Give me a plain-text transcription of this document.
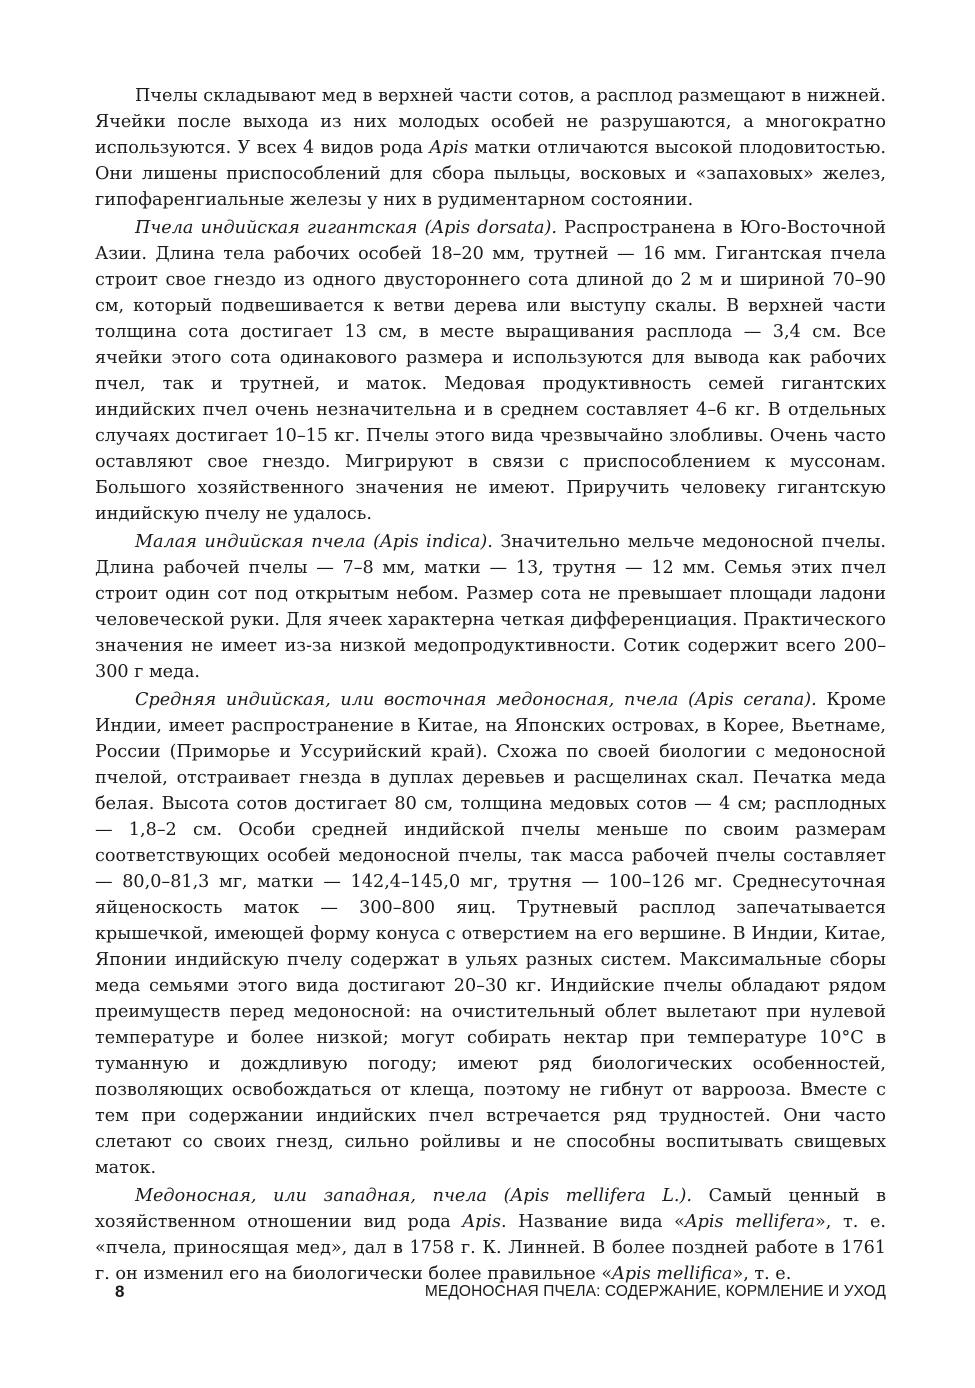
Пчелы складывают мед в верхней части сотов, а расплод размещают в нижней. Ячейки после выхода из них молодых особей не разрушаются, а многократно используются. У всех 4 видов рода Apis матки отличаются высокой плодовитостью. Они лишены приспособлений для сбора пыльцы, восковых и «запаховых» желез, гипофаренгиальные железы у них в рудиментарном состоянии.

Пчела индийская гигантская (Apis dorsata). Распространена в Юго-Восточной Азии. Длина тела рабочих особей 18–20 мм, трутней — 16 мм. Гигантская пчела строит свое гнездо из одного двустороннего сота длиной до 2 м и шириной 70–90 см, который подвешивается к ветви дерева или выступу скалы. В верхней части толщина сота достигает 13 см, в месте выращивания расплода — 3,4 см. Все ячейки этого сота одинакового размера и используются для вывода как рабочих пчел, так и трутней, и маток. Медовая продуктивность семей гигантских индийских пчел очень незначительна и в среднем составляет 4–6 кг. В отдельных случаях достигает 10–15 кг. Пчелы этого вида чрезвычайно злобливы. Очень часто оставляют свое гнездо. Мигрируют в связи с приспособлением к муссонам. Большого хозяйственного значения не имеют. Приручить человеку гигантскую индийскую пчелу не удалось.

Малая индийская пчела (Apis indica). Значительно мельче медоносной пчелы. Длина рабочей пчелы — 7–8 мм, матки — 13, трутня — 12 мм. Семья этих пчел строит один сот под открытым небом. Размер сота не превышает площади ладони человеческой руки. Для ячеек характерна четкая дифференциация. Практического значения не имеет из-за низкой медопродуктивности. Сотик содержит всего 200–300 г меда.

Средняя индийская, или восточная медоносная, пчела (Apis cerana). Кроме Индии, имеет распространение в Китае, на Японских островах, в Корее, Вьетнаме, России (Приморье и Уссурийский край). Схожа по своей биологии с медоносной пчелой, отстраивает гнезда в дуплах деревьев и расщелинах скал. Печатка меда белая. Высота сотов достигает 80 см, толщина медовых сотов — 4 см; расплодных — 1,8–2 см. Особи средней индийской пчелы меньше по своим размерам соответствующих особей медоносной пчелы, так масса рабочей пчелы составляет — 80,0–81,3 мг, матки — 142,4–145,0 мг, трутня — 100–126 мг. Среднесуточная яйценоскость маток — 300–800 яиц. Трутневый расплод запечатывается крышечкой, имеющей форму конуса с отверстием на его вершине. В Индии, Китае, Японии индийскую пчелу содержат в ульях разных систем. Максимальные сборы меда семьями этого вида достигают 20–30 кг. Индийские пчелы обладают рядом преимуществ перед медоносной: на очистительный облет вылетают при нулевой температуре и более низкой; могут собирать нектар при температуре 10°С в туманную и дождливую погоду; имеют ряд биологических особенностей, позволяющих освобождаться от клеща, поэтому не гибнут от варрооза. Вместе с тем при содержании индийских пчел встречается ряд трудностей. Они часто слетают со своих гнезд, сильно ройливы и не способны воспитывать свищевых маток.

Медоносная, или западная, пчела (Apis mellifera L.). Самый ценный в хозяйственном отношении вид рода Apis. Название вида «Apis mellifera», т. е. «пчела, приносящая мед», дал в 1758 г. К. Линней. В более поздней работе в 1761 г. он изменил его на биологически более правильное «Apis mellifica», т. е.

8	МЕДОНОСНАЯ ПЧЕЛА: СОДЕРЖАНИЕ, КОРМЛЕНИЕ И УХОД
